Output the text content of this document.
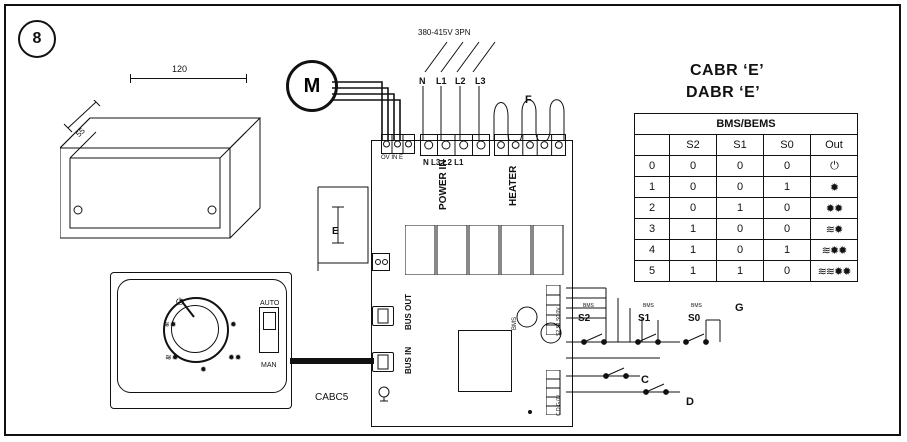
8
CABR ‘E’
DABR ‘E’
BMS/BEMS				
	S2	S1	S0	Out
0	0	0	0	⏻
1	0	0	1	✹
2	0	1	0	✹✹
3	1	0	0	≋✹
4	1	0	1	≋✹✹
5	1	1	0	≋≋✹✹
120
55
M
380-415V 3PN
N L1 L2 L3
F
OV IN E N L3 L2 L1
POWER IN	HEATER
BMS
BUS OUT
BUS IN
E
CABC5
AUTO
MAN
⏻
≋✹
≋✹
✹
✹✹
✹
S2	S1	S0
BMS	BMS	BMS	G
C
D
S2 S1 S0 0V
C D G 0V
